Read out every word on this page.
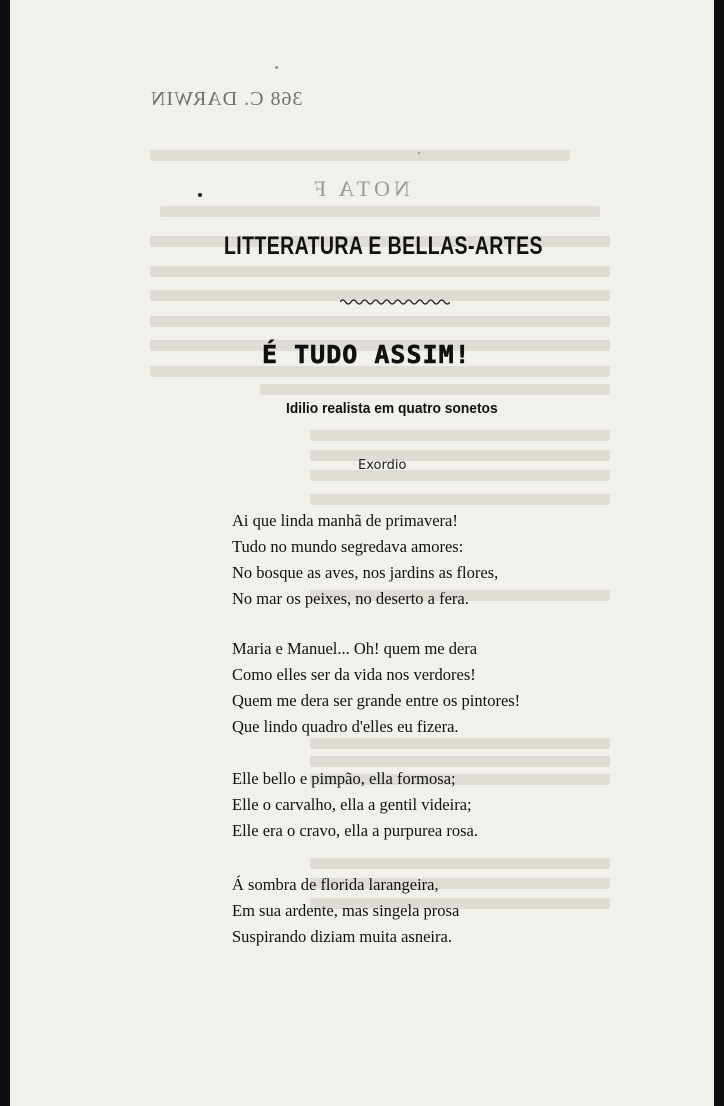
368 C. DARWIN
NOTA F
LITTERATURA E BELLAS-ARTES
É TUDO ASSIM!
Idilio realista em quatro sonetos
Exordio
Ai que linda manhã de primavera!
Tudo no mundo segredava amores:
No bosque as aves, nos jardins as flores,
No mar os peixes, no deserto a fera.
Maria e Manuel... Oh! quem me dera
Como elles ser da vida nos verdores!
Quem me dera ser grande entre os pintores!
Que lindo quadro d'elles eu fizera.
Elle bello e pimpão, ella formosa;
Elle o carvalho, ella a gentil videira;
Elle era o cravo, ella a purpurea rosa.
Á sombra de florida larangeira,
Em sua ardente, mas singela prosa
Suspirando diziam muita asneira.
